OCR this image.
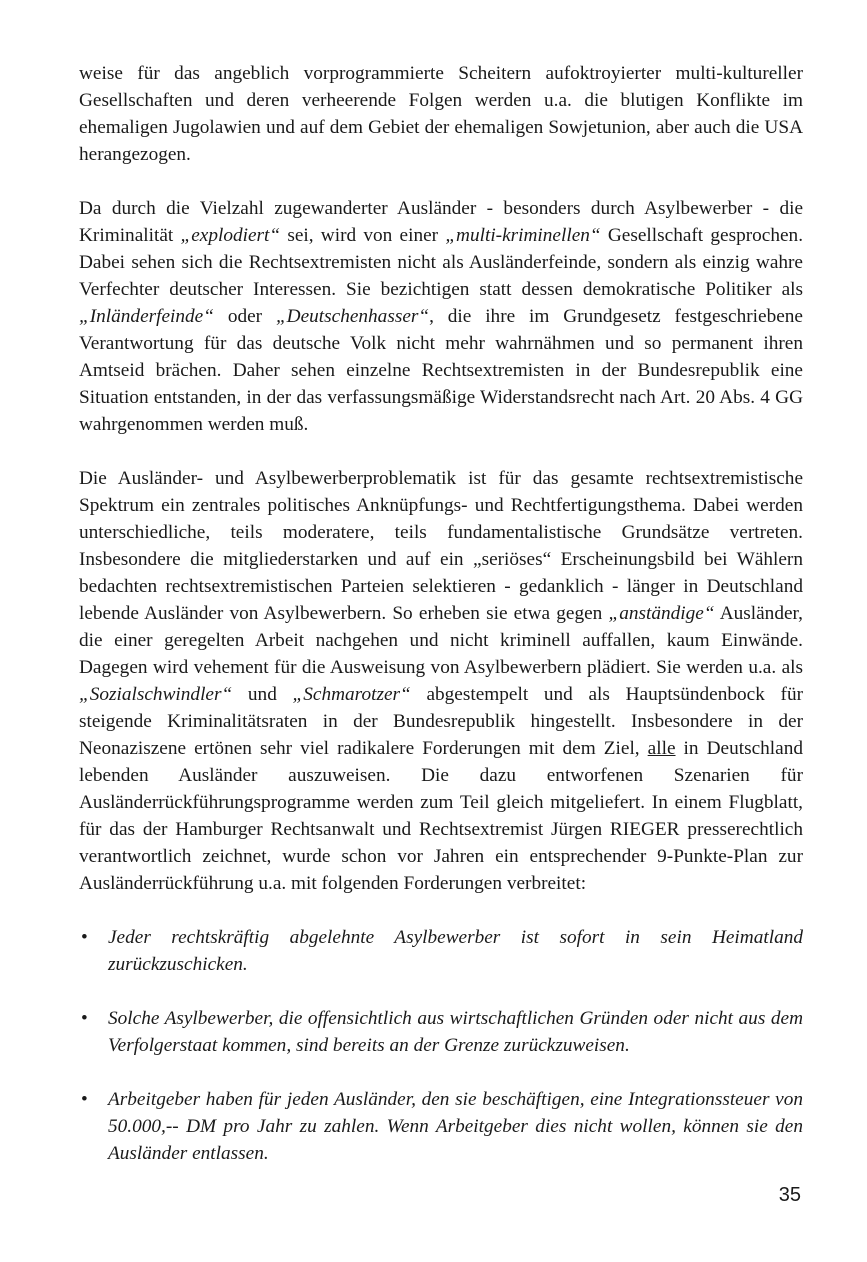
weise für das angeblich vorprogrammierte Scheitern aufoktroyierter multi-kultureller Gesellschaften und deren verheerende Folgen werden u.a. die blutigen Konflikte im ehemaligen Jugolawien und auf dem Gebiet der ehemaligen Sowjetunion, aber auch die USA herangezogen.

Da durch die Vielzahl zugewanderter Ausländer - besonders durch Asylbewerber - die Kriminalität „explodiert“ sei, wird von einer „multi-kriminellen“ Gesellschaft gesprochen. Dabei sehen sich die Rechtsextremisten nicht als Ausländerfeinde, sondern als einzig wahre Verfechter deutscher Interessen. Sie bezichtigen statt dessen demokratische Politiker als „Inländerfeinde“ oder „Deutschenhasser“, die ihre im Grundgesetz festgeschriebene Verantwortung für das deutsche Volk nicht mehr wahrnähmen und so permanent ihren Amtseid brächen. Daher sehen einzelne Rechtsextremisten in der Bundesrepublik eine Situation entstanden, in der das verfassungsmäßige Widerstandsrecht nach Art. 20 Abs. 4 GG wahrgenommen werden muß.

Die Ausländer- und Asylbewerberproblematik ist für das gesamte rechtsextremistische Spektrum ein zentrales politisches Anknüpfungs- und Rechtfertigungsthema. Dabei werden unterschiedliche, teils moderatere, teils fundamentalistische Grundsätze vertreten. Insbesondere die mitgliederstarken und auf ein „seriöses“ Erscheinungsbild bei Wählern bedachten rechtsextremistischen Parteien selektieren - gedanklich - länger in Deutschland lebende Ausländer von Asylbewerbern. So erheben sie etwa gegen „anständige“ Ausländer, die einer geregelten Arbeit nachgehen und nicht kriminell auffallen, kaum Einwände. Dagegen wird vehement für die Ausweisung von Asylbewerbern plädiert. Sie werden u.a. als „Sozialschwindler“ und „Schmarotzer“ abgestempelt und als Hauptsündenbock für steigende Kriminalitätsraten in der Bundesrepublik hingestellt. Insbesondere in der Neonaziszene ertönen sehr viel radikalere Forderungen mit dem Ziel, alle in Deutschland lebenden Ausländer auszuweisen. Die dazu entworfenen Szenarien für Ausländerrückführungsprogramme werden zum Teil gleich mitgeliefert. In einem Flugblatt, für das der Hamburger Rechtsanwalt und Rechtsextremist Jürgen RIEGER presserechtlich verantwortlich zeichnet, wurde schon vor Jahren ein entsprechender 9-Punkte-Plan zur Ausländerrückführung u.a. mit folgenden Forderungen verbreitet:

• Jeder rechtskräftig abgelehnte Asylbewerber ist sofort in sein Heimatland zurückzuschicken.
• Solche Asylbewerber, die offensichtlich aus wirtschaftlichen Gründen oder nicht aus dem Verfolgerstaat kommen, sind bereits an der Grenze zurückzuweisen.
• Arbeitgeber haben für jeden Ausländer, den sie beschäftigen, eine Integrationssteuer von 50.000,-- DM pro Jahr zu zahlen. Wenn Arbeitgeber dies nicht wollen, können sie den Ausländer entlassen.
35
